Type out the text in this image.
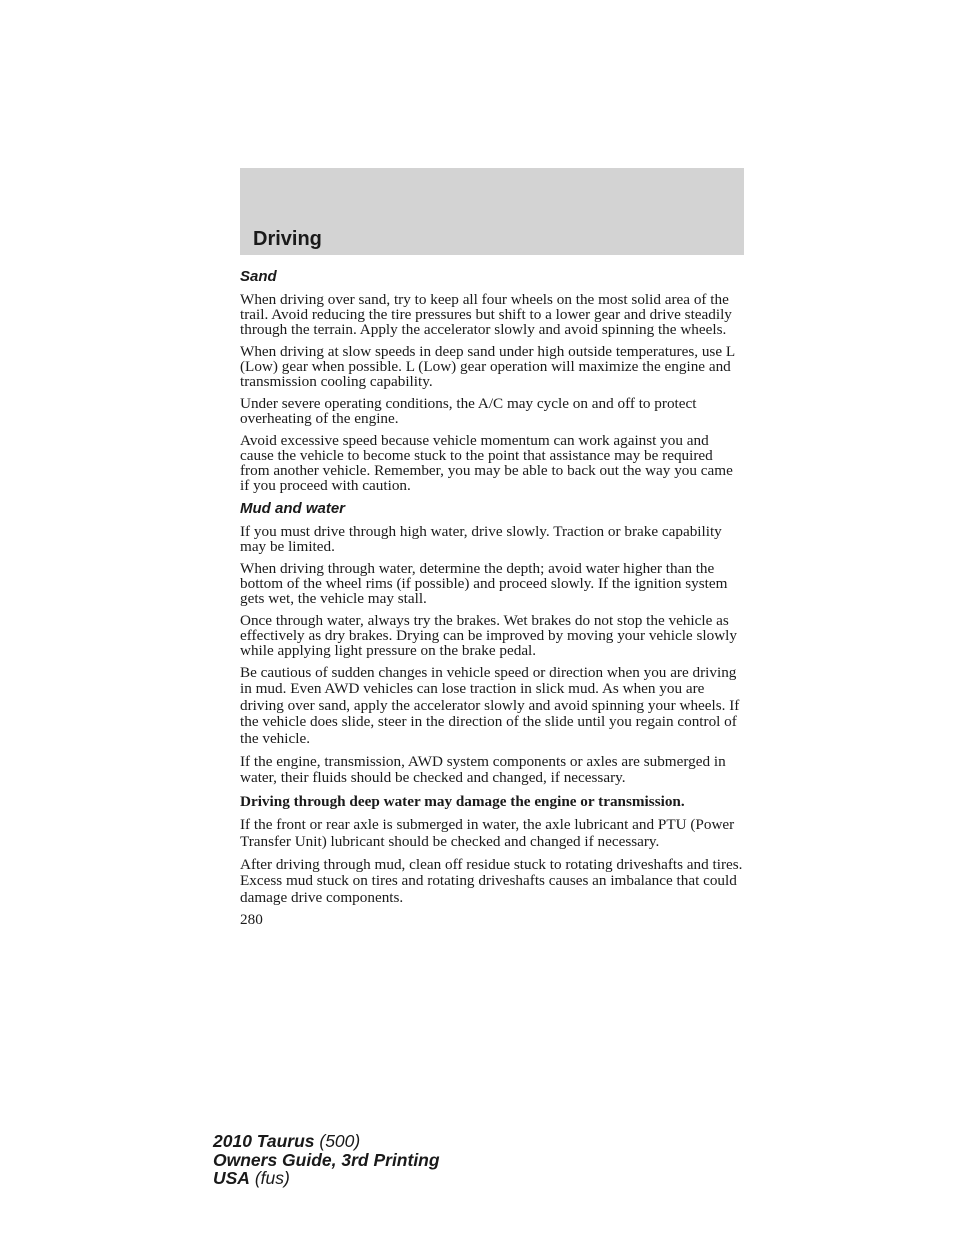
Driving
Sand

When driving over sand, try to keep all four wheels on the most solid area of the trail. Avoid reducing the tire pressures but shift to a lower gear and drive steadily through the terrain. Apply the accelerator slowly and avoid spinning the wheels.

When driving at slow speeds in deep sand under high outside temperatures, use L (Low) gear when possible. L (Low) gear operation will maximize the engine and transmission cooling capability.

Under severe operating conditions, the A/C may cycle on and off to protect overheating of the engine.

Avoid excessive speed because vehicle momentum can work against you and cause the vehicle to become stuck to the point that assistance may be required from another vehicle. Remember, you may be able to back out the way you came if you proceed with caution.

Mud and water

If you must drive through high water, drive slowly. Traction or brake capability may be limited.

When driving through water, determine the depth; avoid water higher than the bottom of the wheel rims (if possible) and proceed slowly. If the ignition system gets wet, the vehicle may stall.

Once through water, always try the brakes. Wet brakes do not stop the vehicle as effectively as dry brakes. Drying can be improved by moving your vehicle slowly while applying light pressure on the brake pedal.

Be cautious of sudden changes in vehicle speed or direction when you are driving in mud. Even AWD vehicles can lose traction in slick mud. As when you are driving over sand, apply the accelerator slowly and avoid spinning your wheels. If the vehicle does slide, steer in the direction of the slide until you regain control of the vehicle.

If the engine, transmission, AWD system components or axles are submerged in water, their fluids should be checked and changed, if necessary.

Driving through deep water may damage the engine or transmission.

If the front or rear axle is submerged in water, the axle lubricant and PTU (Power Transfer Unit) lubricant should be checked and changed if necessary.

After driving through mud, clean off residue stuck to rotating driveshafts and tires. Excess mud stuck on tires and rotating driveshafts causes an imbalance that could damage drive components.

280

2010 Taurus (500)
Owners Guide, 3rd Printing
USA (fus)
